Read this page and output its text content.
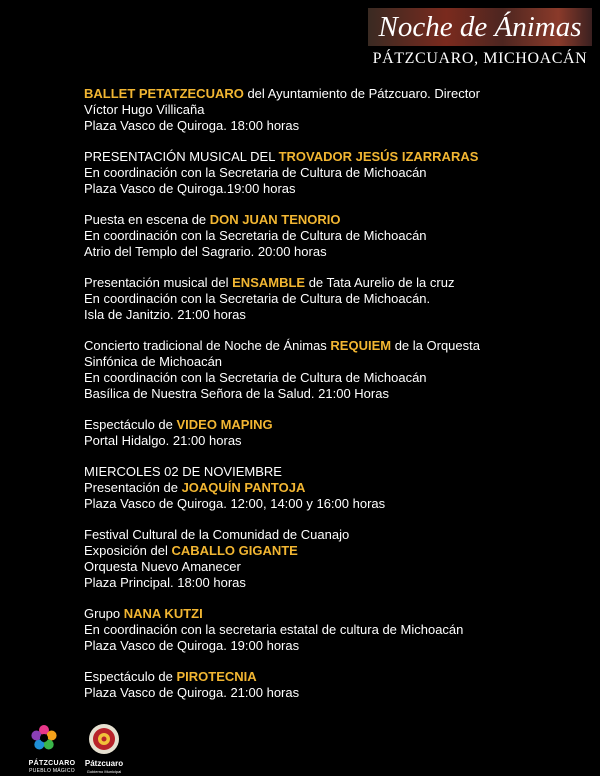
Noche de Ánimas
PÁTZCUARO, MICHOACÁN
BALLET PETATZECUARO del Ayuntamiento de Pátzcuaro. Director
Víctor Hugo Villicaña
Plaza Vasco de Quiroga. 18:00 horas
PRESENTACIÓN MUSICAL DEL TROVADOR JESÚS IZARRARAS
En coordinación con la Secretaria de Cultura de Michoacán
Plaza Vasco de Quiroga.19:00 horas
Puesta en escena de DON JUAN TENORIO
En coordinación con la Secretaria de Cultura de Michoacán
Atrio del Templo del Sagrario. 20:00 horas
Presentación musical del ENSAMBLE de Tata Aurelio de la cruz
En coordinación con la Secretaria de Cultura de Michoacán.
Isla de Janitzio. 21:00 horas
Concierto tradicional de Noche de Ánimas REQUIEM de la Orquesta
Sinfónica de Michoacán
En coordinación con la Secretaria de Cultura de Michoacán
Basílica de Nuestra Señora de la Salud. 21:00 Horas
Espectáculo de VIDEO MAPING
Portal Hidalgo. 21:00 horas
MIERCOLES 02 DE NOVIEMBRE
Presentación de JOAQUÍN PANTOJA
Plaza Vasco de Quiroga. 12:00, 14:00 y 16:00 horas
Festival Cultural de la Comunidad de Cuanajo
Exposición del CABALLO GIGANTE
Orquesta Nuevo Amanecer
Plaza Principal. 18:00 horas
Grupo NANA KUTZI
En coordinación con la secretaria estatal de cultura de Michoacán
Plaza Vasco de Quiroga. 19:00 horas
Espectáculo de PIROTECNIA
Plaza Vasco de Quiroga. 21:00 horas
PÁTZCUARO
PUEBLO MÁGICO
Pátzcuaro
Gobierno Municipal
